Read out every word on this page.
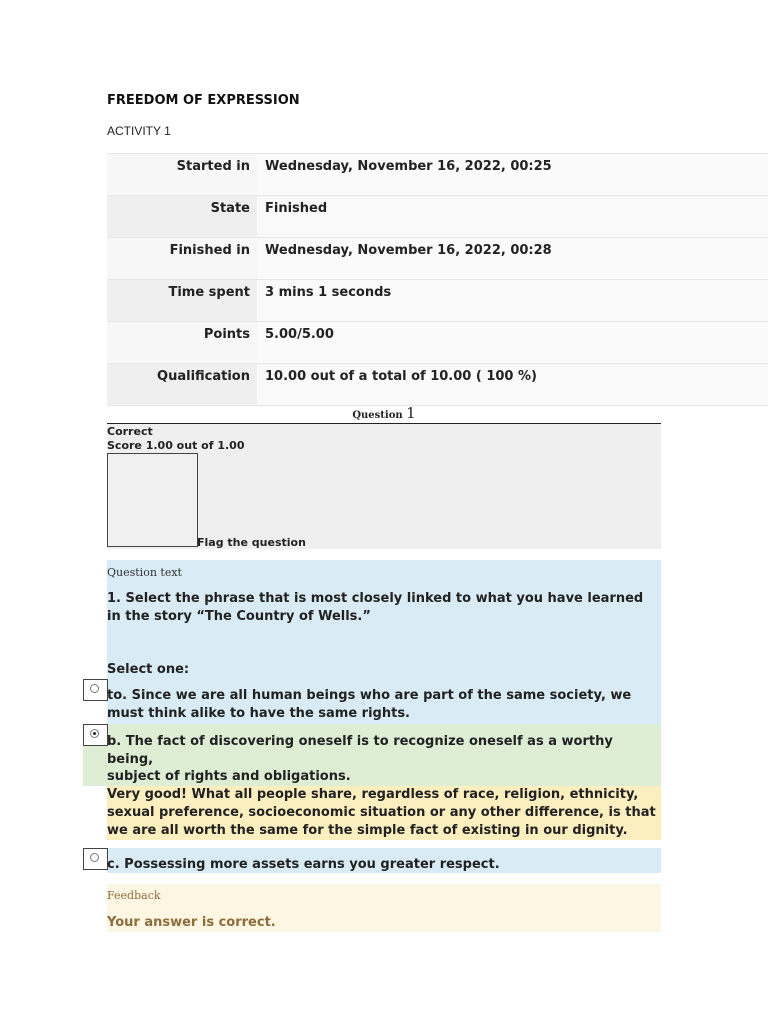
FREEDOM OF EXPRESSION
ACTIVITY 1
Started in	Wednesday, November 16, 2022, 00:25
State	Finished
Finished in	Wednesday, November 16, 2022, 00:28
Time spent	3 mins 1 seconds
Points	5.00/5.00
Qualification	10.00 out of a total of 10.00 ( 100 %)
Question 1
Correct
Score 1.00 out of 1.00
Flag the question
Question text
1. Select the phrase that is most closely linked to what you have learned in the story “The Country of Wells.”
Select one:
to. Since we are all human beings who are part of the same society, we must think alike to have the same rights.
b. The fact of discovering oneself is to recognize oneself as a worthy being,
subject of rights and obligations.
Very good! What all people share, regardless of race, religion, ethnicity, sexual preference, socioeconomic situation or any other difference, is that we are all worth the same for the simple fact of existing in our dignity.
c. Possessing more assets earns you greater respect.
Feedback
Your answer is correct.
